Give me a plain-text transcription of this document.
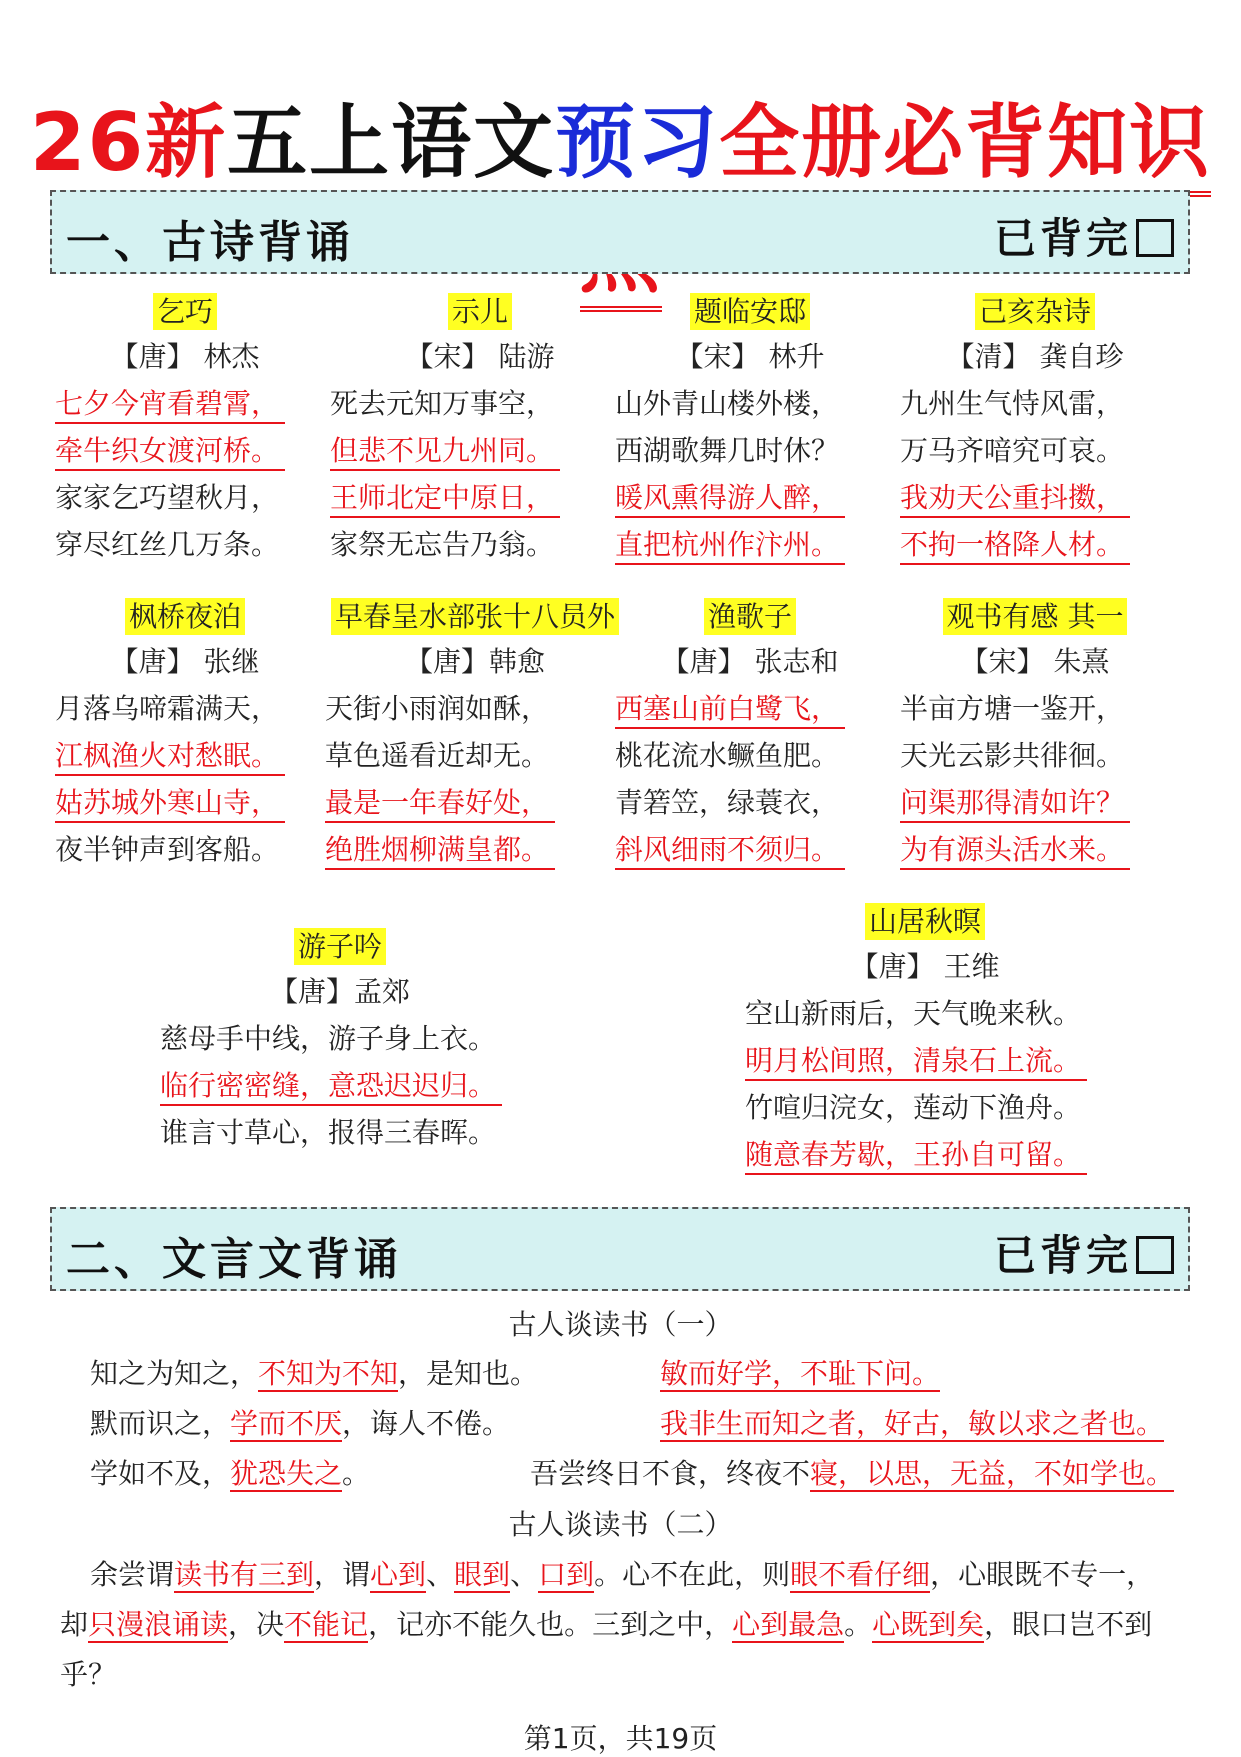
26新五上语文预习全册必背知识
一、古诗背诵	已背完
乞巧
【唐】 林杰
七夕今宵看碧霄，
牵牛织女渡河桥。
家家乞巧望秋月，
穿尽红丝几万条。
示儿
【宋】 陆游
死去元知万事空，
但悲不见九州同。
王师北定中原日，
家祭无忘告乃翁。
题临安邸
【宋】 林升
山外青山楼外楼，
西湖歌舞几时休？
暖风熏得游人醉，
直把杭州作汴州。
己亥杂诗
【清】 龚自珍
九州生气恃风雷，
万马齐喑究可哀。
我劝天公重抖擞，
不拘一格降人材。
枫桥夜泊
【唐】 张继
月落乌啼霜满天，
江枫渔火对愁眠。
姑苏城外寒山寺，
夜半钟声到客船。
早春呈水部张十八员外
【唐】韩愈
天街小雨润如酥，
草色遥看近却无。
最是一年春好处，
绝胜烟柳满皇都。
渔歌子
【唐】 张志和
西塞山前白鹭飞，
桃花流水鳜鱼肥。
青箬笠，绿蓑衣，
斜风细雨不须归。
观书有感 其一
【宋】 朱熹
半亩方塘一鉴开，
天光云影共徘徊。
问渠那得清如许？
为有源头活水来。
游子吟
【唐】孟郊
慈母手中线，游子身上衣。
临行密密缝，意恐迟迟归。
谁言寸草心，报得三春晖。
山居秋暝
【唐】 王维
空山新雨后，天气晚来秋。
明月松间照，清泉石上流。
竹喧归浣女，莲动下渔舟。
随意春芳歇，王孙自可留。
二、文言文背诵	已背完
古人谈读书（一）
知之为知之，不知为不知，是知也。	敏而好学，不耻下问。
默而识之，学而不厌，诲人不倦。	我非生而知之者，好古，敏以求之者也。
学如不及，犹恐失之。	吾尝终日不食，终夜不寝，以思，无益，不如学也。
古人谈读书（二）
余尝谓读书有三到，谓心到、眼到、口到。心不在此，则眼不看仔细，心眼既不专一，
却只漫浪诵读，决不能记，记亦不能久也。三到之中，心到最急。心既到矣，眼口岂不到
乎？
第1页，共19页
